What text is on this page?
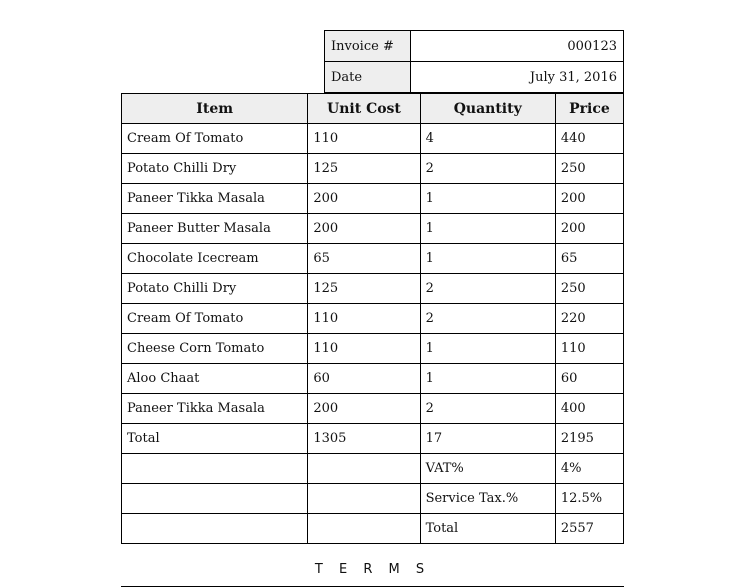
Invoice #	000123
Date	July 31, 2016
Item	Unit Cost	Quantity	Price
Cream Of Tomato	110	4	440
Potato Chilli Dry	125	2	250
Paneer Tikka Masala	200	1	200
Paneer Butter Masala	200	1	200
Chocolate Icecream	65	1	65
Potato Chilli Dry	125	2	250
Cream Of Tomato	110	2	220
Cheese Corn Tomato	110	1	110
Aloo Chaat	60	1	60
Paneer Tikka Masala	200	2	400
Total	1305	17	2195
		VAT%	4%
		Service Tax.%	12.5%
		Total	2557
T E R M S
